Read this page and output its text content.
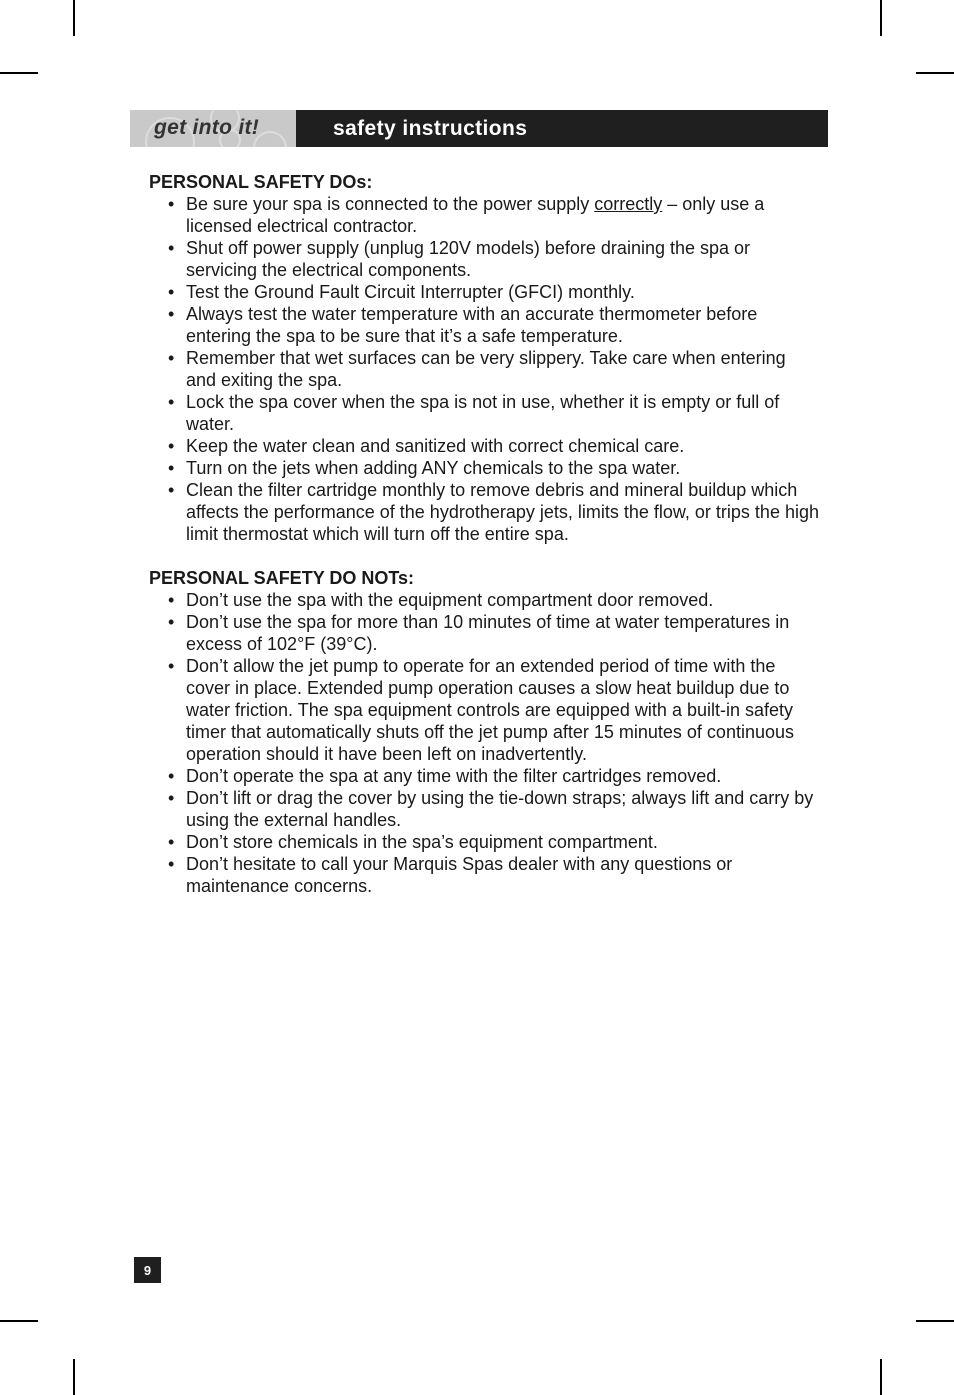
get into it!	safety instructions
PERSONAL SAFETY DOs:
• Be sure your spa is connected to the power supply correctly – only use a licensed electrical contractor.
• Shut off power supply (unplug 120V models) before draining the spa or servicing the electrical components.
• Test the Ground Fault Circuit Interrupter (GFCI) monthly.
• Always test the water temperature with an accurate thermometer before entering the spa to be sure that it’s a safe temperature.
• Remember that wet surfaces can be very slippery. Take care when entering and exiting the spa.
• Lock the spa cover when the spa is not in use, whether it is empty or full of water.
• Keep the water clean and sanitized with correct chemical care.
• Turn on the jets when adding ANY chemicals to the spa water.
• Clean the filter cartridge monthly to remove debris and mineral buildup which affects the performance of the hydrotherapy jets, limits the flow, or trips the high limit thermostat which will turn off the entire spa.
PERSONAL SAFETY DO NOTs:
• Don’t use the spa with the equipment compartment door removed.
• Don’t use the spa for more than 10 minutes of time at water temperatures in excess of 102°F (39°C).
• Don’t allow the jet pump to operate for an extended period of time with the cover in place. Extended pump operation causes a slow heat buildup due to water friction. The spa equipment controls are equipped with a built-in safety timer that automatically shuts off the jet pump after 15 minutes of continuous operation should it have been left on inadvertently.
• Don’t operate the spa at any time with the filter cartridges removed.
• Don’t lift or drag the cover by using the tie-down straps; always lift and carry by using the external handles.
• Don’t store chemicals in the spa’s equipment compartment.
• Don’t hesitate to call your Marquis Spas dealer with any questions or maintenance concerns.
9
